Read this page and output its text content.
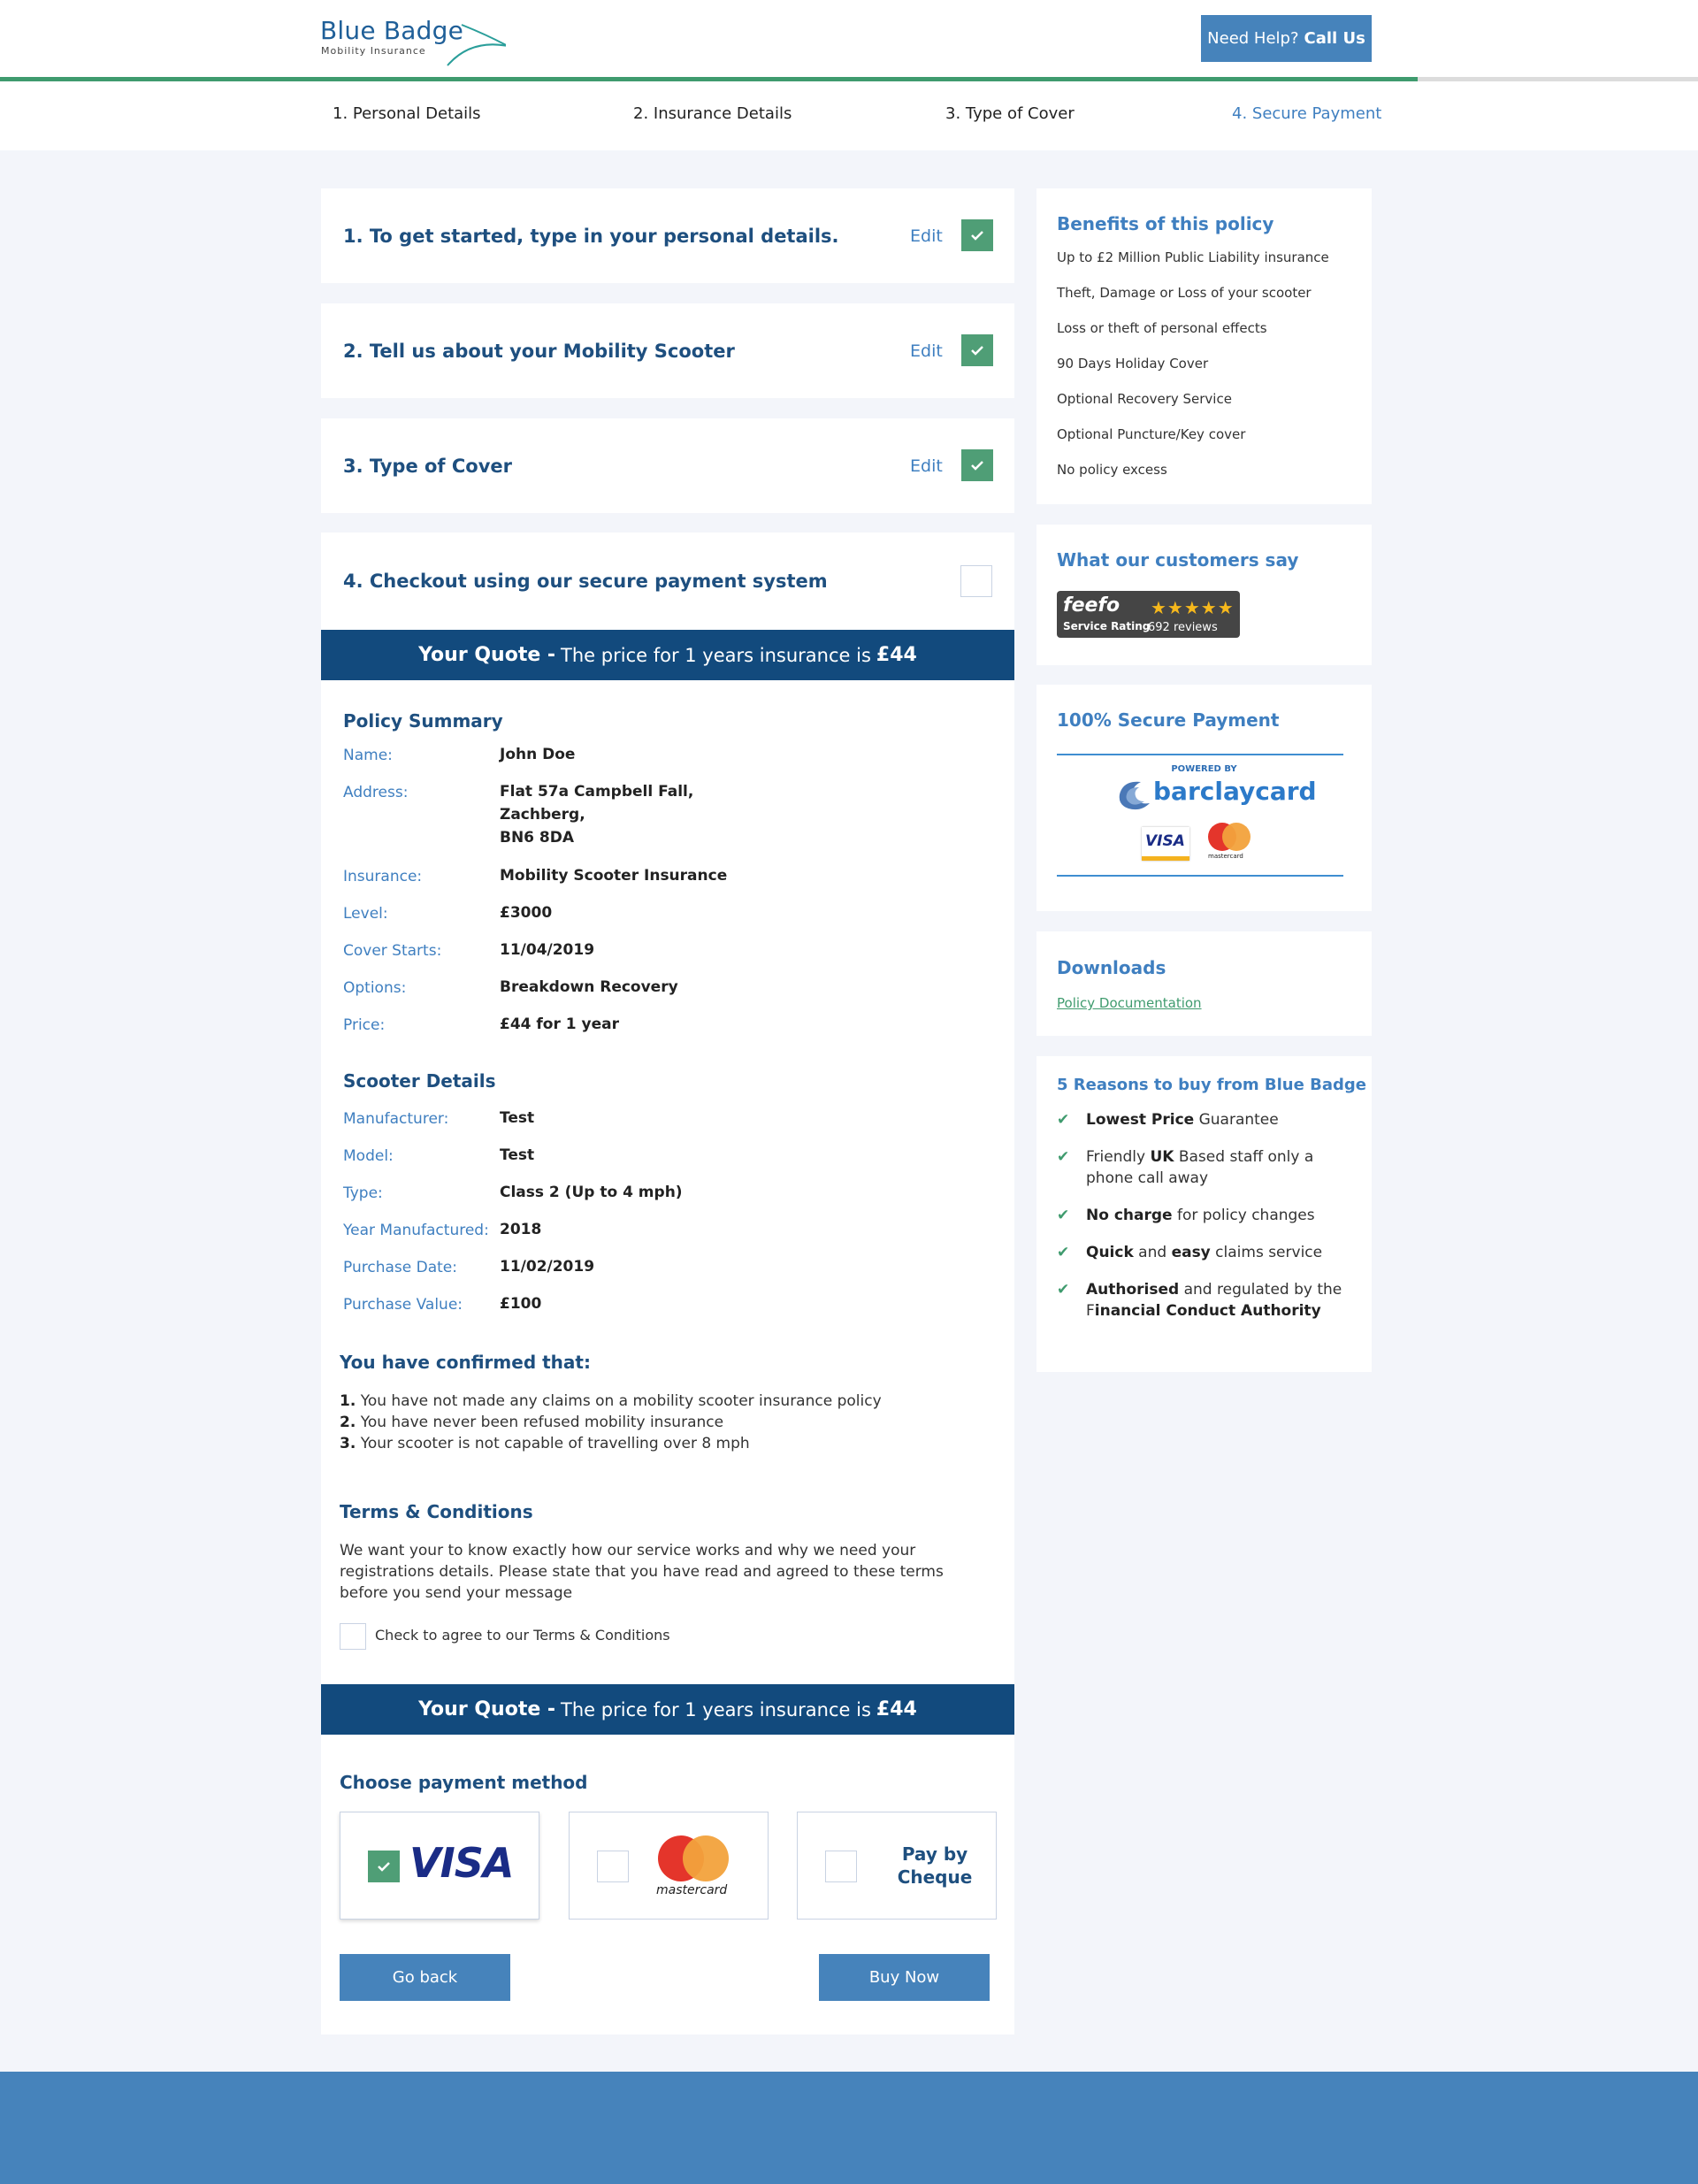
Blue Badge
Mobility Insurance
Need Help? Call Us
1. Personal Details	2. Insurance Details	3. Type of Cover	4. Secure Payment
1. To get started, type in your personal details.	Edit
2. Tell us about your Mobility Scooter	Edit
3. Type of Cover	Edit
4. Checkout using our secure payment system
Your Quote - The price for 1 years insurance is £44
Policy Summary
Name:	John Doe
Address:	Flat 57a Campbell Fall,
Zachberg,
BN6 8DA
Insurance:	Mobility Scooter Insurance
Level:	£3000
Cover Starts:	11/04/2019
Options:	Breakdown Recovery
Price:	£44 for 1 year
Scooter Details
Manufacturer:	Test
Model:	Test
Type:	Class 2 (Up to 4 mph)
Year Manufactured: 2018
Purchase Date:	11/02/2019
Purchase Value: £100
You have confirmed that:
1. You have not made any claims on a mobility scooter insurance policy
2. You have never been refused mobility insurance
3. Your scooter is not capable of travelling over 8 mph
Terms & Conditions
We want your to know exactly how our service works and why we need your registrations details. Please state that you have read and agreed to these terms before you send your message
Check to agree to our Terms & Conditions
Your Quote - The price for 1 years insurance is £44
Choose payment method
VISA
mastercard
Pay by Cheque
Go back	Buy Now
Benefits of this policy
Up to £2 Million Public Liability insurance
Theft, Damage or Loss of your scooter
Loss or theft of personal effects
90 Days Holiday Cover
Optional Recovery Service
Optional Puncture/Key cover
No policy excess
What our customers say
feefo ★★★★★
Service Rating
692 reviews
100% Secure Payment
POWERED BY
barclaycard
VISA
mastercard
Downloads
Policy Documentation
5 Reasons to buy from Blue Badge
✔ Lowest Price Guarantee
✔ Friendly UK Based staff only a phone call away
✔ No charge for policy changes
✔ Quick and easy claims service
✔ Authorised and regulated by the Financial Conduct Authority
